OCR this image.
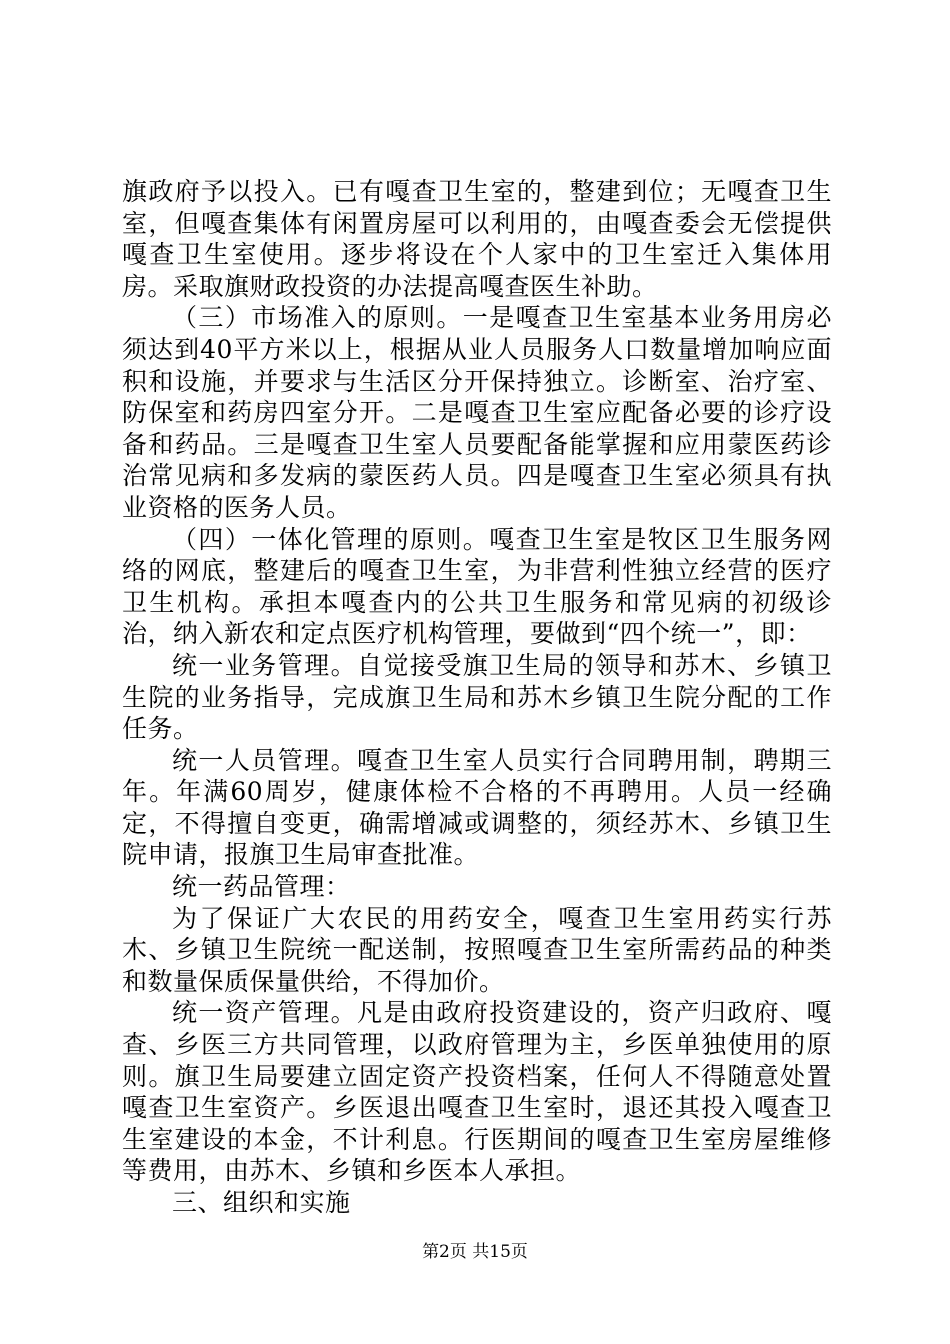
旗政府予以投入。已有嘎查卫生室的，整建到位；无嘎查卫生室，但嘎查集体有闲置房屋可以利用的，由嘎查委会无偿提供嘎查卫生室使用。逐步将设在个人家中的卫生室迁入集体用房。采取旗财政投资的办法提高嘎查医生补助。

（三）市场准入的原则。一是嘎查卫生室基本业务用房必须达到40平方米以上，根据从业人员服务人口数量增加响应面积和设施，并要求与生活区分开保持独立。诊断室、治疗室、防保室和药房四室分开。二是嘎查卫生室应配备必要的诊疗设备和药品。三是嘎查卫生室人员要配备能掌握和应用蒙医药诊治常见病和多发病的蒙医药人员。四是嘎查卫生室必须具有执业资格的医务人员。

（四）一体化管理的原则。嘎查卫生室是牧区卫生服务网络的网底，整建后的嘎查卫生室，为非营利性独立经营的医疗卫生机构。承担本嘎查内的公共卫生服务和常见病的初级诊治，纳入新农和定点医疗机构管理，要做到“四个统一”，即：

统一业务管理。自觉接受旗卫生局的领导和苏木、乡镇卫生院的业务指导，完成旗卫生局和苏木乡镇卫生院分配的工作任务。

统一人员管理。嘎查卫生室人员实行合同聘用制，聘期三年。年满60周岁，健康体检不合格的不再聘用。人员一经确定，不得擅自变更，确需增减或调整的，须经苏木、乡镇卫生院申请，报旗卫生局审查批准。

统一药品管理：

为了保证广大农民的用药安全，嘎查卫生室用药实行苏木、乡镇卫生院统一配送制，按照嘎查卫生室所需药品的种类和数量保质保量供给，不得加价。

统一资产管理。凡是由政府投资建设的，资产归政府、嘎查、乡医三方共同管理，以政府管理为主，乡医单独使用的原则。旗卫生局要建立固定资产投资档案，任何人不得随意处置嘎查卫生室资产。乡医退出嘎查卫生室时，退还其投入嘎查卫生室建设的本金，不计利息。行医期间的嘎查卫生室房屋维修等费用，由苏木、乡镇和乡医本人承担。

三、组织和实施

第2页 共15页
